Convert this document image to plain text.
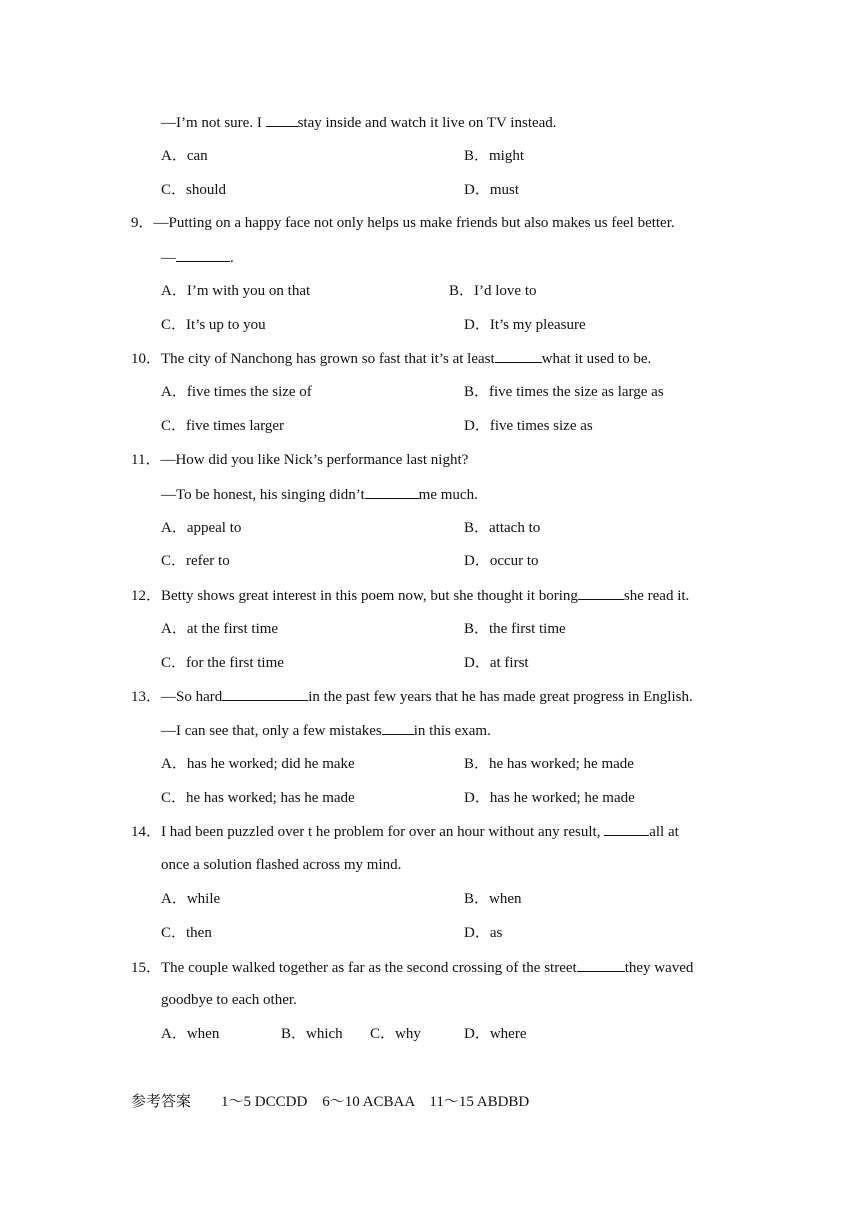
—I’m not sure. I stay inside and watch it live on TV instead.
A．can	B．might
C．should	D．must
9．—Putting on a happy face not only helps us make friends but also makes us feel better.
—	.
A．I’m with you on that	B．I’d love to
C．It’s up to you	D．It’s my pleasure
10．The city of Nanchong has grown so fast that it’s at least	what it used to be.
A．five times the size of	B．five times the size as large as
C．five times larger	D．five times size as
11．—How did you like Nick’s performance last night?
—To be honest, his singing didn’t	me much.
A．appeal to	B．attach to
C．refer to	D．occur to
12．Betty shows great interest in this poem now, but she thought it boring	she read it.
A．at the first time	B．the first time
C．for the first time	D．at first
13．—So hard	in the past few years that he has made great progress in English.
—I can see that, only a few mistakes in this exam.
A．has he worked; did he make	B．he has worked; he made
C．he has worked; has he made	D．has he worked; he made
14．I had been puzzled over t he problem for over an hour without any result,	all at
once a solution flashed across my mind.
A．while	B．when
C．then	D．as
15．The couple walked together as far as the second crossing of the street	they waved
goodbye to each other.
A．when	B．which C．why	D．where
参考答案 1～5 DCCDD　6～10 ACBAA　11～15 ABDBD
